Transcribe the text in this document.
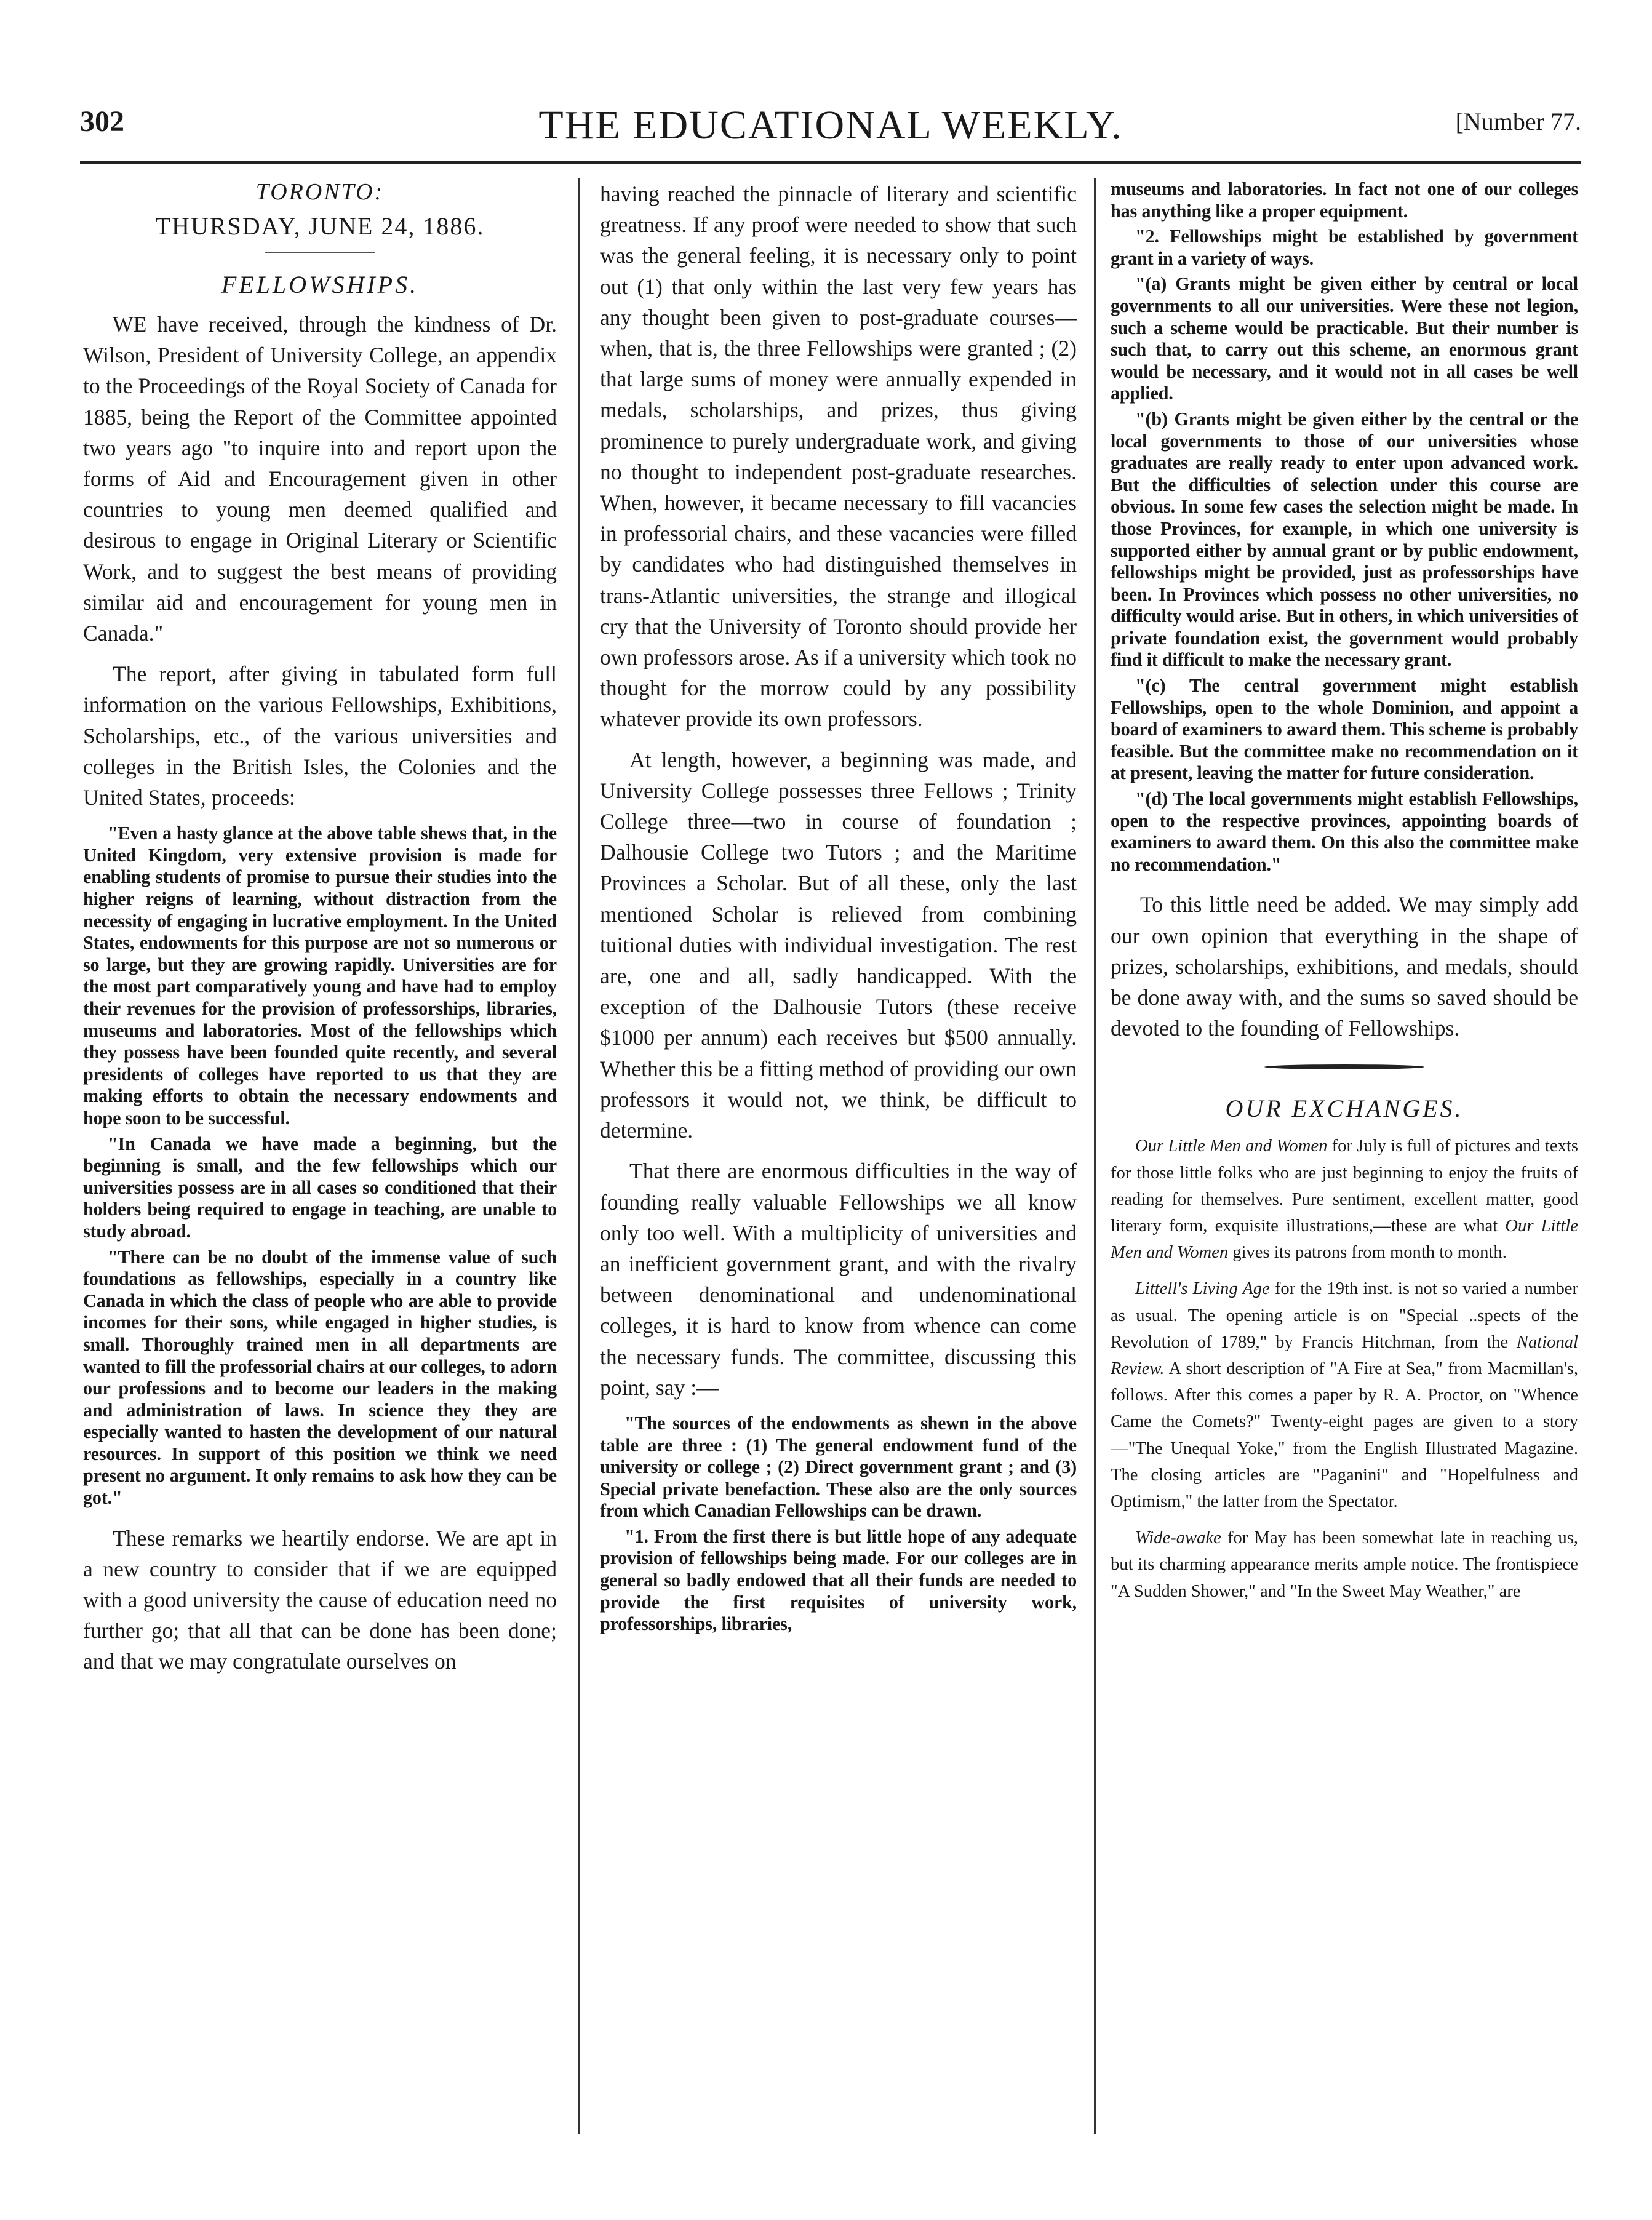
302	THE EDUCATIONAL WEEKLY.	[Number 77.
TORONTO:
THURSDAY, JUNE 24, 1886.
FELLOWSHIPS.

WE have received, through the kindness of Dr. Wilson, President of University College, an appendix to the Proceedings of the Royal Society of Canada for 1885, being the Report of the Committee appointed two years ago "to inquire into and report upon the forms of Aid and Encouragement given in other countries to young men deemed qualified and desirous to engage in Original Literary or Scientific Work, and to suggest the best means of providing similar aid and encouragement for young men in Canada."

The report, after giving in tabulated form full information on the various Fellowships, Exhibitions, Scholarships, etc., of the various universities and colleges in the British Isles, the Colonies and the United States, proceeds:

"Even a hasty glance at the above table shews that, in the United Kingdom, very extensive provision is made for enabling students of promise to pursue their studies into the higher reigns of learning, without distraction from the necessity of engaging in lucrative employment. In the United States, endowments for this purpose are not so numerous or so large, but they are growing rapidly. Universities are for the most part comparatively young and have had to employ their revenues for the provision of professorships, libraries, museums and laboratories. Most of the fellowships which they possess have been founded quite recently, and several presidents of colleges have reported to us that they are making efforts to obtain the necessary endowments and hope soon to be successful.

"In Canada we have made a beginning, but the beginning is small, and the few fellowships which our universities possess are in all cases so conditioned that their holders being required to engage in teaching, are unable to study abroad.

"There can be no doubt of the immense value of such foundations as fellowships, especially in a country like Canada in which the class of people who are able to provide incomes for their sons, while engaged in higher studies, is small. Thoroughly trained men in all departments are wanted to fill the professorial chairs at our colleges, to adorn our professions and to become our leaders in the making and administration of laws. In science they they are especially wanted to hasten the development of our natural resources. In support of this position we think we need present no argument. It only remains to ask how they can be got."

These remarks we heartily endorse. We are apt in a new country to consider that if we are equipped with a good university the cause of education need no further go; that all that can be done has been done; and that we may congratulate ourselves on

having reached the pinnacle of literary and scientific greatness. If any proof were needed to show that such was the general feeling, it is necessary only to point out (1) that only within the last very few years has any thought been given to post-graduate courses—when, that is, the three Fellowships were granted ; (2) that large sums of money were annually expended in medals, scholarships, and prizes, thus giving prominence to purely undergraduate work, and giving no thought to independent post-graduate researches. When, however, it became necessary to fill vacancies in professorial chairs, and these vacancies were filled by candidates who had distinguished themselves in trans-Atlantic universities, the strange and illogical cry that the University of Toronto should provide her own professors arose. As if a university which took no thought for the morrow could by any possibility whatever provide its own professors.

At length, however, a beginning was made, and University College possesses three Fellows ; Trinity College three—two in course of foundation ; Dalhousie College two Tutors ; and the Maritime Provinces a Scholar. But of all these, only the last mentioned Scholar is relieved from combining tuitional duties with individual investigation. The rest are, one and all, sadly handicapped. With the exception of the Dalhousie Tutors (these receive $1000 per annum) each receives but $500 annually. Whether this be a fitting method of providing our own professors it would not, we think, be difficult to determine.

That there are enormous difficulties in the way of founding really valuable Fellowships we all know only too well. With a multiplicity of universities and an inefficient government grant, and with the rivalry between denominational and undenominational colleges, it is hard to know from whence can come the necessary funds. The committee, discussing this point, say :—

"The sources of the endowments as shewn in the above table are three : (1) The general endowment fund of the university or college ; (2) Direct government grant ; and (3) Special private benefaction. These also are the only sources from which Canadian Fellowships can be drawn.

"1. From the first there is but little hope of any adequate provision of fellowships being made. For our colleges are in general so badly endowed that all their funds are needed to provide the first requisites of university work, professorships, libraries,

museums and laboratories. In fact not one of our colleges has anything like a proper equipment.

"2. Fellowships might be established by government grant in a variety of ways.

"(a) Grants might be given either by central or local governments to all our universities. Were these not legion, such a scheme would be practicable. But their number is such that, to carry out this scheme, an enormous grant would be necessary, and it would not in all cases be well applied.

"(b) Grants might be given either by the central or the local governments to those of our universities whose graduates are really ready to enter upon advanced work. But the difficulties of selection under this course are obvious. In some few cases the selection might be made. In those Provinces, for example, in which one university is supported either by annual grant or by public endowment, fellowships might be provided, just as professorships have been. In Provinces which possess no other universities, no difficulty would arise. But in others, in which universities of private foundation exist, the government would probably find it difficult to make the necessary grant.

"(c) The central government might establish Fellowships, open to the whole Dominion, and appoint a board of examiners to award them. This scheme is probably feasible. But the committee make no recommendation on it at present, leaving the matter for future consideration.

"(d) The local governments might establish Fellowships, open to the respective provinces, appointing boards of examiners to award them. On this also the committee make no recommendation."

To this little need be added. We may simply add our own opinion that everything in the shape of prizes, scholarships, exhibitions, and medals, should be done away with, and the sums so saved should be devoted to the founding of Fellowships.

OUR EXCHANGES.

Our Little Men and Women for July is full of pictures and texts for those little folks who are just beginning to enjoy the fruits of reading for themselves. Pure sentiment, excellent matter, good literary form, exquisite illustrations,—these are what Our Little Men and Women gives its patrons from month to month.

Littell's Living Age for the 19th inst. is not so varied a number as usual. The opening article is on "Special ..spects of the Revolution of 1789," by Francis Hitchman, from the National Review. A short description of "A Fire at Sea," from Macmillan's, follows. After this comes a paper by R. A. Proctor, on "Whence Came the Comets?" Twenty-eight pages are given to a story—"The Unequal Yoke," from the English Illustrated Magazine. The closing articles are "Paganini" and "Hopelfulness and Optimism," the latter from the Spectator.

Wide-awake for May has been somewhat late in reaching us, but its charming appearance merits ample notice. The frontispiece "A Sudden Shower," and "In the Sweet May Weather," are
